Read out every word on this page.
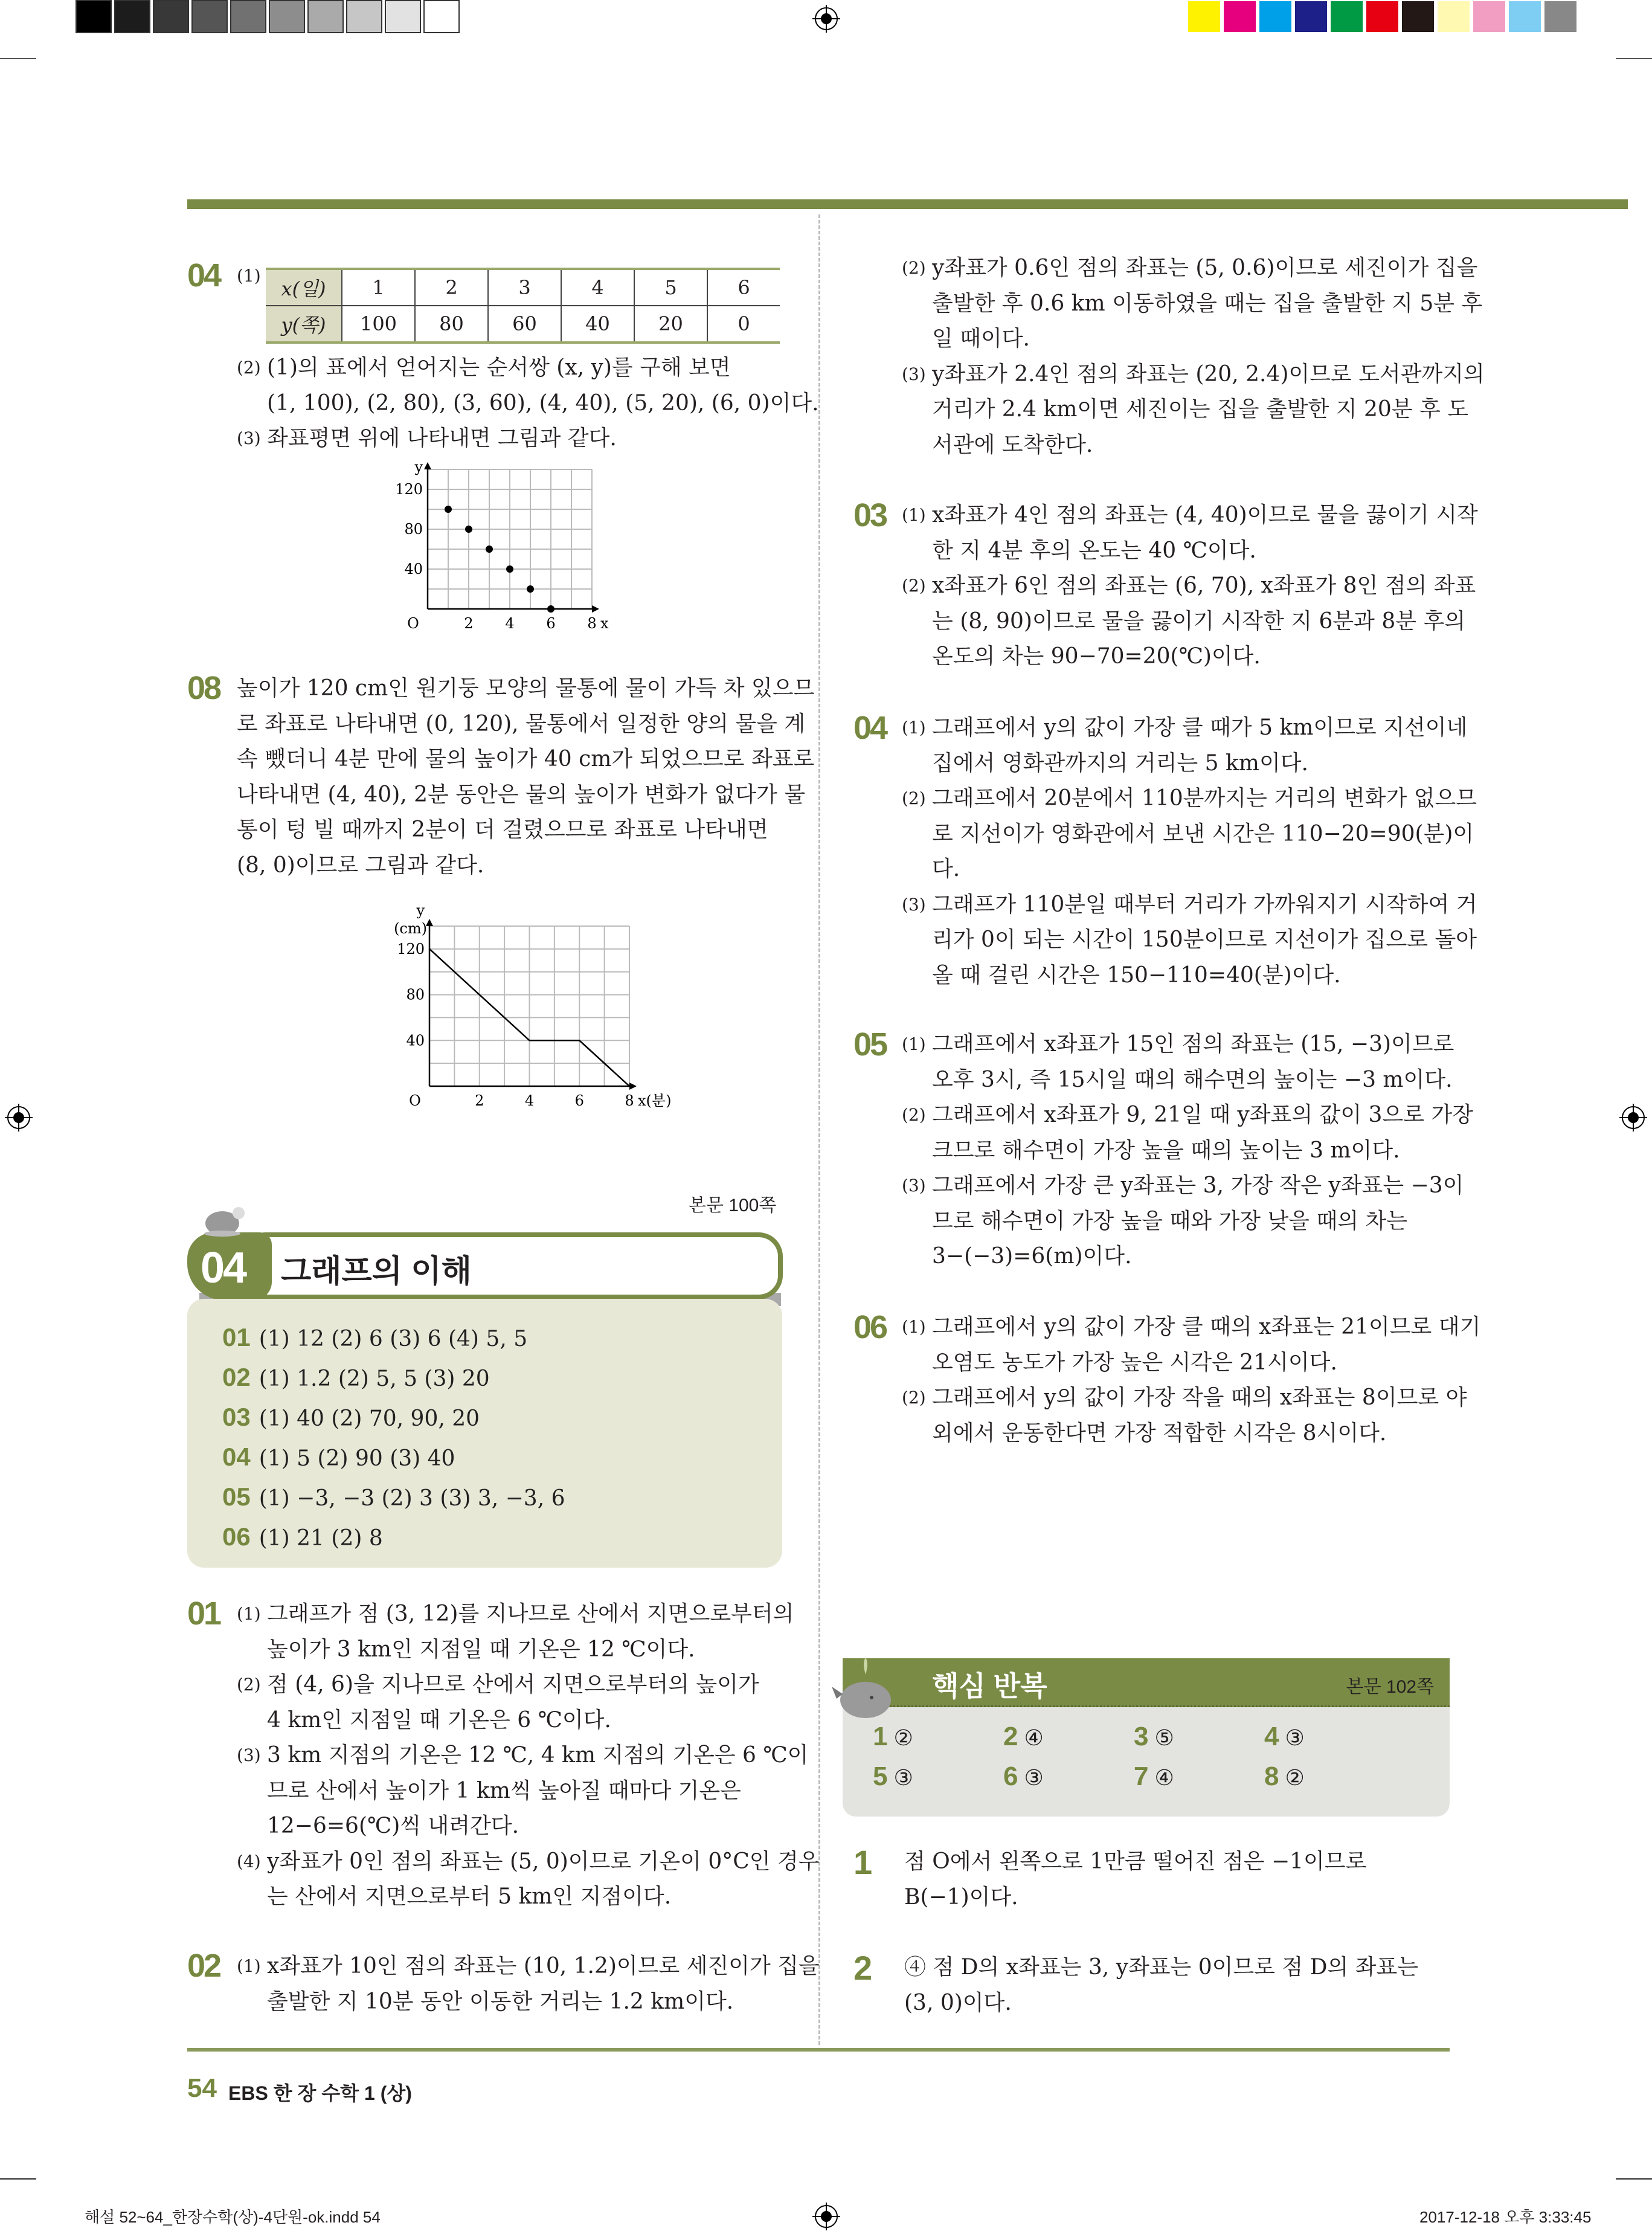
04 (1)
x(일)	1	2	3	4	5	6
y(쪽)	100	80	60	40	20	0
(2) (1)의 표에서 얻어지는 순서쌍 (x, y)를 구해 보면
(1, 100), (2, 80), (3, 60), (4, 40), (5, 20), (6, 0)이다.
(3) 좌표평면 위에 나타내면 그림과 같다.
2 4 6 8
40
80
120
O	x
y
08 높이가 120 cm인 원기둥 모양의 물통에 물이 가득 차 있으므
로 좌표로 나타내면 (0, 120), 물통에서 일정한 양의 물을 계
속 뺐더니 4분 만에 물의 높이가 40 cm가 되었으므로 좌표로
나타내면 (4, 40), 2분 동안은 물의 높이가 변화가 없다가 물
통이 텅 빌 때까지 2분이 더 걸렸으므로 좌표로 나타내면
(8, 0)이므로 그림과 같다.
2	4	6	8
40
80
120
O	x(분)
y
(cm)
04 그래프의 이해
본문 100쪽
01 (1) 12 (2) 6 (3) 6 (4) 5, 5
02 (1) 1.2 (2) 5, 5 (3) 20
03 (1) 40 (2) 70, 90, 20
04 (1) 5 (2) 90 (3) 40
05 (1) −3, −3 (2) 3 (3) 3, −3, 6
06 (1) 21 (2) 8
01 (1) 그래프가 점 (3, 12)를 지나므로 산에서 지면으로부터의
높이가 3 km인 지점일 때 기온은 12 ℃이다.
(2) 점 (4, 6)을 지나므로 산에서 지면으로부터의 높이가
4 km인 지점일 때 기온은 6 ℃이다.
(3) 3 km 지점의 기온은 12 ℃, 4 km 지점의 기온은 6 ℃이
므로 산에서 높이가 1 km씩 높아질 때마다 기온은
12−6=6(℃)씩 내려간다.
(4) y좌표가 0인 점의 좌표는 (5, 0)이므로 기온이 0°C인 경우
는 산에서 지면으로부터 5 km인 지점이다.
02 (1) x좌표가 10인 점의 좌표는 (10, 1.2)이므로 세진이가 집을
출발한 지 10분 동안 이동한 거리는 1.2 km이다.
(2) y좌표가 0.6인 점의 좌표는 (5, 0.6)이므로 세진이가 집을
출발한 후 0.6 km 이동하였을 때는 집을 출발한 지 5분 후
일 때이다.
(3) y좌표가 2.4인 점의 좌표는 (20, 2.4)이므로 도서관까지의
거리가 2.4 km이면 세진이는 집을 출발한 지 20분 후 도
서관에 도착한다.
03 (1) x좌표가 4인 점의 좌표는 (4, 40)이므로 물을 끓이기 시작
한 지 4분 후의 온도는 40 ℃이다.
(2) x좌표가 6인 점의 좌표는 (6, 70), x좌표가 8인 점의 좌표
는 (8, 90)이므로 물을 끓이기 시작한 지 6분과 8분 후의
온도의 차는 90−70=20(℃)이다.
04 (1) 그래프에서 y의 값이 가장 클 때가 5 km이므로 지선이네
집에서 영화관까지의 거리는 5 km이다.
(2) 그래프에서 20분에서 110분까지는 거리의 변화가 없으므
로 지선이가 영화관에서 보낸 시간은 110−20=90(분)이
다.
(3) 그래프가 110분일 때부터 거리가 가까워지기 시작하여 거
리가 0이 되는 시간이 150분이므로 지선이가 집으로 돌아
올 때 걸린 시간은 150−110=40(분)이다.
05 (1) 그래프에서 x좌표가 15인 점의 좌표는 (15, −3)이므로
오후 3시, 즉 15시일 때의 해수면의 높이는 −3 m이다.
(2) 그래프에서 x좌표가 9, 21일 때 y좌표의 값이 3으로 가장
크므로 해수면이 가장 높을 때의 높이는 3 m이다.
(3) 그래프에서 가장 큰 y좌표는 3, 가장 작은 y좌표는 −3이
므로 해수면이 가장 높을 때와 가장 낮을 때의 차는
3−(−3)=6(m)이다.
06 (1) 그래프에서 y의 값이 가장 클 때의 x좌표는 21이므로 대기
오염도 농도가 가장 높은 시각은 21시이다.
(2) 그래프에서 y의 값이 가장 작을 때의 x좌표는 8이므로 야
외에서 운동한다면 가장 적합한 시각은 8시이다.
핵심 반복	본문 102쪽
1 ②	2 ④	3 ⑤	4 ③
5 ③	6 ③	7 ④	8 ②
1 점 O에서 왼쪽으로 1만큼 떨어진 점은 −1이므로
B(−1)이다.
2 ④ 점 D의 x좌표는 3, y좌표는 0이므로 점 D의 좌표는
(3, 0)이다.
54 EBS 한 장 수학 1 (상)
해설 52~64_한장수학(상)-4단원-ok.indd 54	2017-12-18 오후 3:33:45
